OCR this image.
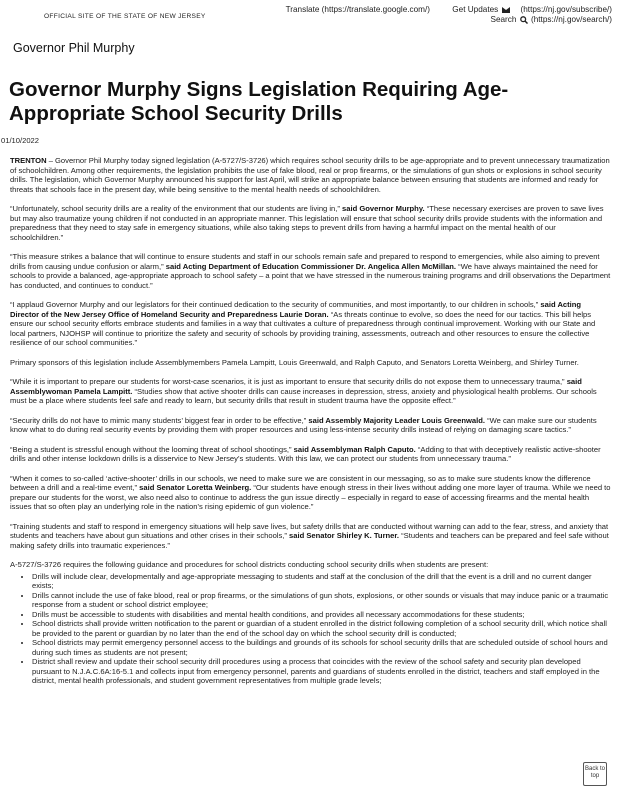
OFFICIAL SITE OF THE STATE OF NEW JERSEY
Translate (https://translate.google.com/)	Get Updates	(https://nj.gov/subscribe/)
Search (https://nj.gov/search/)
Governor Phil Murphy
Governor Murphy Signs Legislation Requiring Age-Appropriate School Security Drills
01/10/2022

TRENTON – Governor Phil Murphy today signed legislation (A-5727/S-3726) which requires school security drills to be age-appropriate and to prevent unnecessary traumatization of schoolchildren. Among other requirements, the legislation prohibits the use of fake blood, real or prop firearms, or the simulations of gun shots or explosions in school security drills. The legislation, which Governor Murphy announced his support for last April, will strike an appropriate balance between ensuring that students are informed and ready for threats that schools face in the present day, while being sensitive to the mental health needs of schoolchildren.

“Unfortunately, school security drills are a reality of the environment that our students are living in,” said Governor Murphy. “These necessary exercises are proven to save lives but may also traumatize young children if not conducted in an appropriate manner. This legislation will ensure that school security drills provide students with the information and preparedness that they need to stay safe in emergency situations, while also taking steps to prevent drills from having a harmful impact on the mental health of our schoolchildren.”

“This measure strikes a balance that will continue to ensure students and staff in our schools remain safe and prepared to respond to emergencies, while also aiming to prevent drills from causing undue confusion or alarm,” said Acting Department of Education Commissioner Dr. Angelica Allen McMillan. “We have always maintained the need for schools to provide a balanced, age-appropriate approach to school safety – a point that we have stressed in the numerous training programs and drill observations the Department has conducted, and continues to conduct.”

“I applaud Governor Murphy and our legislators for their continued dedication to the security of communities, and most importantly, to our children in schools,” said Acting Director of the New Jersey Office of Homeland Security and Preparedness Laurie Doran. “As threats continue to evolve, so does the need for our tactics. This bill helps ensure our school security efforts embrace students and families in a way that cultivates a culture of preparedness through continual improvement. Working with our State and local partners, NJOHSP will continue to prioritize the safety and security of schools by providing training, assessments, outreach and other resources to ensure the collective resilience of our school communities.”

Primary sponsors of this legislation include Assemblymembers Pamela Lampitt, Louis Greenwald, and Ralph Caputo, and Senators Loretta Weinberg, and Shirley Turner.

“While it is important to prepare our students for worst-case scenarios, it is just as important to ensure that security drills do not expose them to unnecessary trauma,” said Assemblywoman Pamela Lampitt. “Studies show that active shooter drills can cause increases in depression, stress, anxiety and physiological health problems. Our schools must be a place where students feel safe and ready to learn, but security drills that result in student trauma have the opposite effect.”

“Security drills do not have to mimic many students’ biggest fear in order to be effective,” said Assembly Majority Leader Louis Greenwald. “We can make sure our students know what to do during real security events by providing them with proper resources and using less-intense security drills instead of relying on damaging scare tactics.”

“Being a student is stressful enough without the looming threat of school shootings,” said Assemblyman Ralph Caputo. “Adding to that with deceptively realistic active-shooter drills and other intense lockdown drills is a disservice to New Jersey’s students. With this law, we can protect our students from unnecessary trauma.”

“When it comes to so-called ‘active-shooter’ drills in our schools, we need to make sure we are consistent in our messaging, so as to make sure students know the difference between a drill and a real-time event,” said Senator Loretta Weinberg. “Our students have enough stress in their lives without adding one more layer of trauma. While we need to prepare our students for the worst, we also need also to continue to address the gun issue directly – especially in regard to ease of accessing firearms and the mental health issues that so often play an underlying role in the nation’s rising epidemic of gun violence.”

“Training students and staff to respond in emergency situations will help save lives, but safety drills that are conducted without warning can add to the fear, stress, and anxiety that students and teachers have about gun situations and other crises in their schools,” said Senator Shirley K. Turner. “Students and teachers can be prepared and feel safe without making safety drills into traumatic experiences.”

A-5727/S-3726 requires the following guidance and procedures for school districts conducting school security drills when students are present:
• Drills will include clear, developmentally and age-appropriate messaging to students and staff at the conclusion of the drill that the event is a drill and no current danger exists;
• Drills cannot include the use of fake blood, real or prop firearms, or the simulations of gun shots, explosions, or other sounds or visuals that may induce panic or a traumatic response from a student or school district employee;
• Drills must be accessible to students with disabilities and mental health conditions, and provides all necessary accommodations for these students;
• School districts shall provide written notification to the parent or guardian of a student enrolled in the district following completion of a school security drill, which notice shall be provided to the parent or guardian by no later than the end of the school day on which the school security drill is conducted;
• School districts may permit emergency personnel access to the buildings and grounds of its schools for school security drills that are scheduled outside of school hours and during such times as students are not present;
• District shall review and update their school security drill procedures using a process that coincides with the review of the school safety and security plan developed pursuant to N.J.A.C.6A:16-5.1 and collects input from emergency personnel, parents and guardians of students enrolled in the district, teachers and staff employed in the district, mental health professionals, and student government representatives from multiple grade levels;
Back to top
